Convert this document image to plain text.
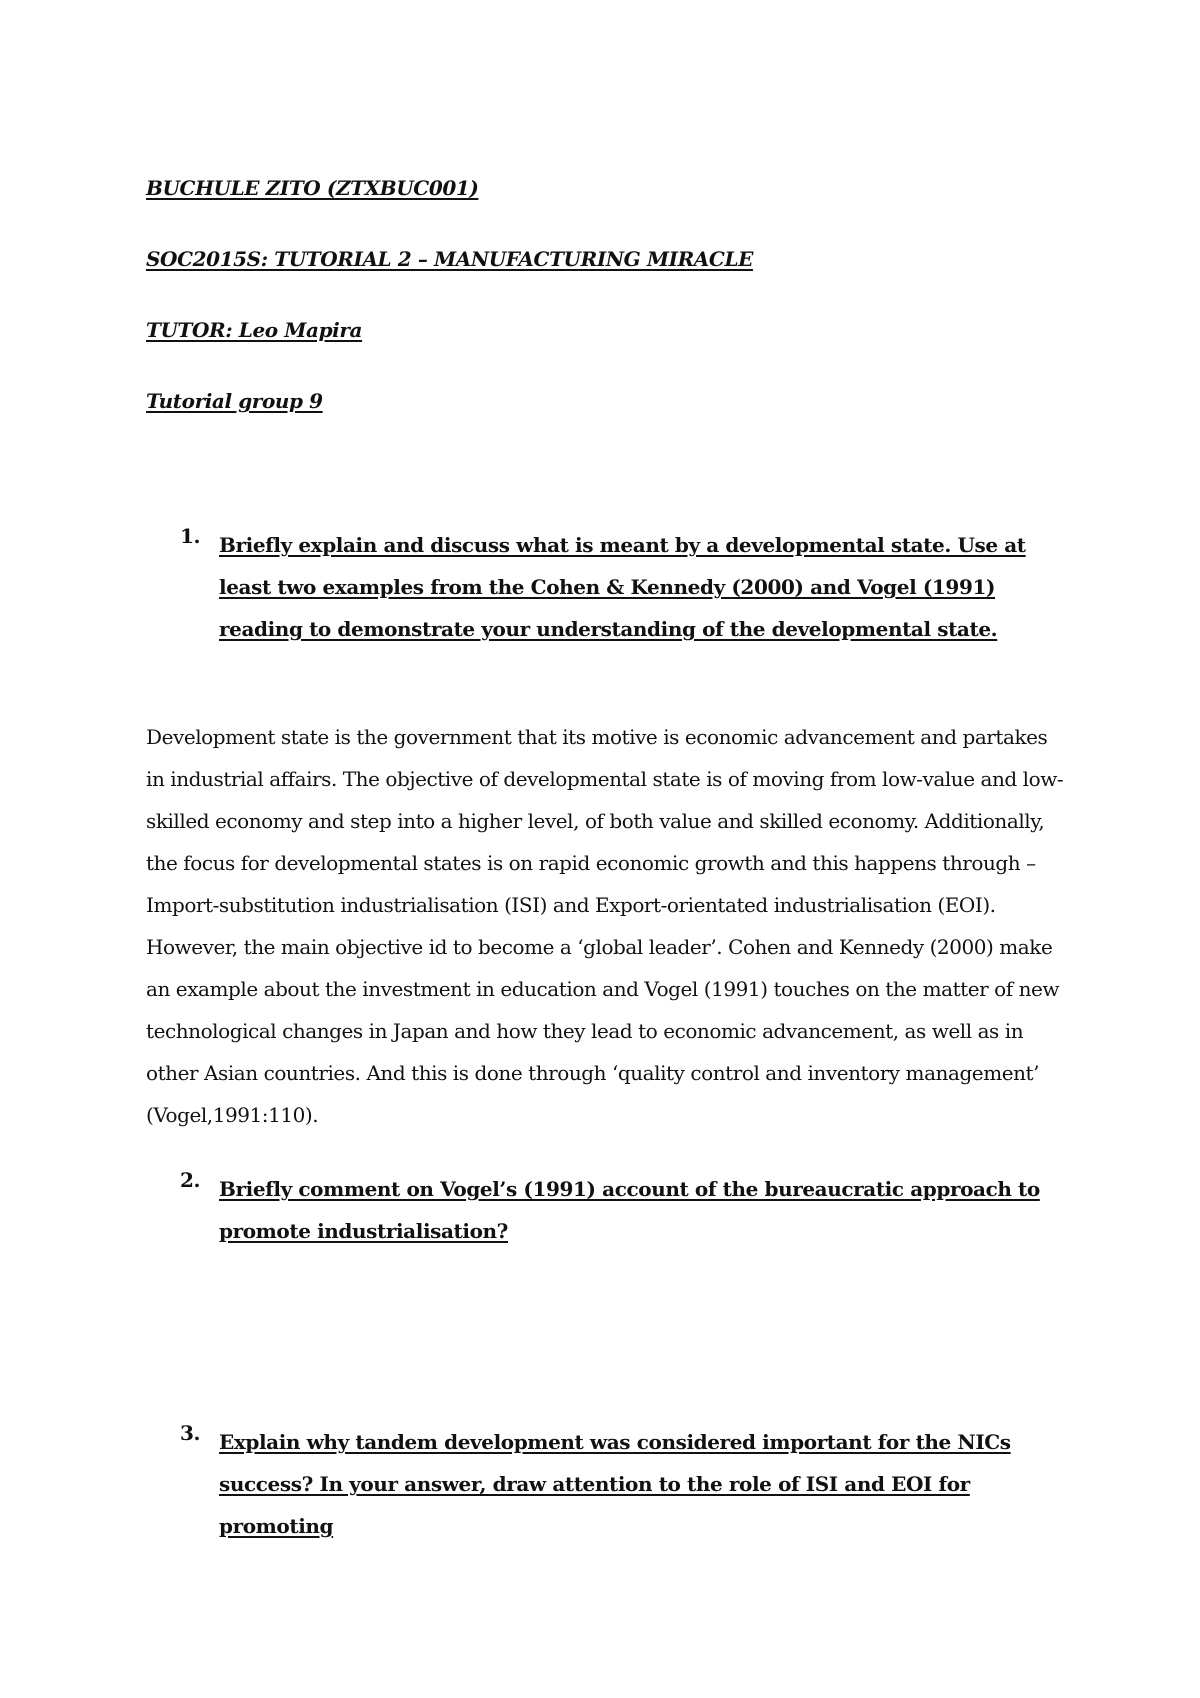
BUCHULE ZITO (ZTXBUC001)

SOC2015S: TUTORIAL 2 – MANUFACTURING MIRACLE

TUTOR: Leo Mapira

Tutorial group 9

1. Briefly explain and discuss what is meant by a developmental state. Use at least two examples from the Cohen & Kennedy (2000) and Vogel (1991) reading to demonstrate your understanding of the developmental state.

Development state is the government that its motive is economic advancement and partakes in industrial affairs. The objective of developmental state is of moving from low-value and low-skilled economy and step into a higher level, of both value and skilled economy. Additionally, the focus for developmental states is on rapid economic growth and this happens through – Import-substitution industrialisation (ISI) and Export-orientated industrialisation (EOI). However, the main objective id to become a ‘global leader’. Cohen and Kennedy (2000) make an example about the investment in education and Vogel (1991) touches on the matter of new technological changes in Japan and how they lead to economic advancement, as well as in other Asian countries. And this is done through ‘quality control and inventory management’ (Vogel,1991:110).

2. Briefly comment on Vogel’s (1991) account of the bureaucratic approach to promote industrialisation?

3. Explain why tandem development was considered important for the NICs success? In your answer, draw attention to the role of ISI and EOI for promoting
